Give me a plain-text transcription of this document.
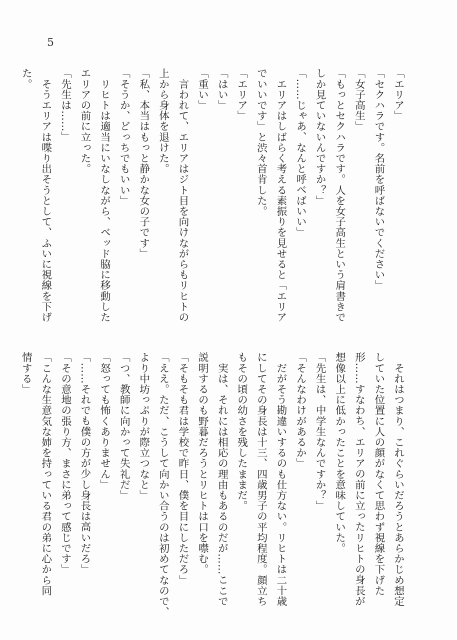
5
「エリア」
「セクハラです。名前を呼ばないでください」
「女子高生」
「もっとセクハラです。人を女子高生という肩書きで
しか見ていないんですか？」
「……じゃあ、なんと呼べばいい」
　エリアはしばらく考える素振りを見せると「エリア
でいいです」と渋々首肯した。
「エリア」
「はい」
「重い」
　言われて、エリアはジト目を向けながらもリヒトの
上から身体を退けた。
「私、本当はもっと静かな女の子です」
「そうか、どっちでもいい」
　リヒトは適当にいなしながら、ベッド脇に移動した
エリアの前に立った。
「先生は……」
　そうエリアは喋り出そうとして、ふいに視線を下げ
た。
　それはつまり、これぐらいだろうとあらかじめ想定
していた位置に人の顔がなくて思わず視線を下げた
形……すなわち、エリアの前に立ったリヒトの身長が
想像以上に低かったことを意味していた。
「先生は、中学生なんですか？」
「そんなわけがあるか」
　だがそう勘違いするのも仕方ない。リヒトは二十歳
にしてその身長は十三、四歳男子の平均程度。顔立ち
もその頃の幼さを残したままだ。
　実は、それには相応の理由もあるのだが……ここで
説明するのも野暮だろうとリヒトは口を噤む。
「そもそも君は学校で昨日、僕を目にしただろ」
「ええ。ただ、こうして向かい合うのは初めてなので、
より中坊っぷりが際立つなと」
「つ、教師に向かって失礼だ」
「怒っても怖くありません」
「……それでも僕の方が少し身長は高いだろ」
「その意地の張り方、まさに弟って感じです」
「こんな生意気な姉を持っている君の弟に心から同
情する」
